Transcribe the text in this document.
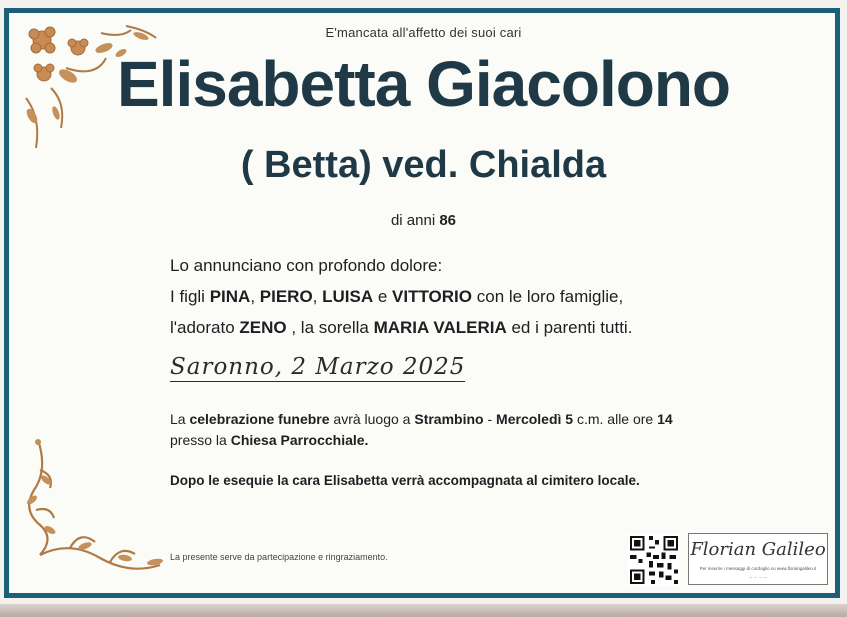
E'mancata all'affetto dei suoi cari
Elisabetta Giacolono
( Betta) ved. Chialda
di anni 86
Lo annunciano con profondo dolore:
I figli PINA, PIERO, LUISA e VITTORIO con le loro famiglie,
l'adorato ZENO , la sorella MARIA VALERIA ed i parenti tutti.
Saronno, 2 Marzo 2025
La celebrazione funebre avrà luogo a Strambino - Mercoledì 5 c.m. alle ore 14
presso la Chiesa Parrocchiale.
Dopo le esequie la cara Elisabetta verrà accompagnata al cimitero locale.
La presente serve da partecipazione e ringraziamento.	Florian Galileo
Per inserire i messaggi di cordoglio su www.floriangalileo.it
... ... ... ...
